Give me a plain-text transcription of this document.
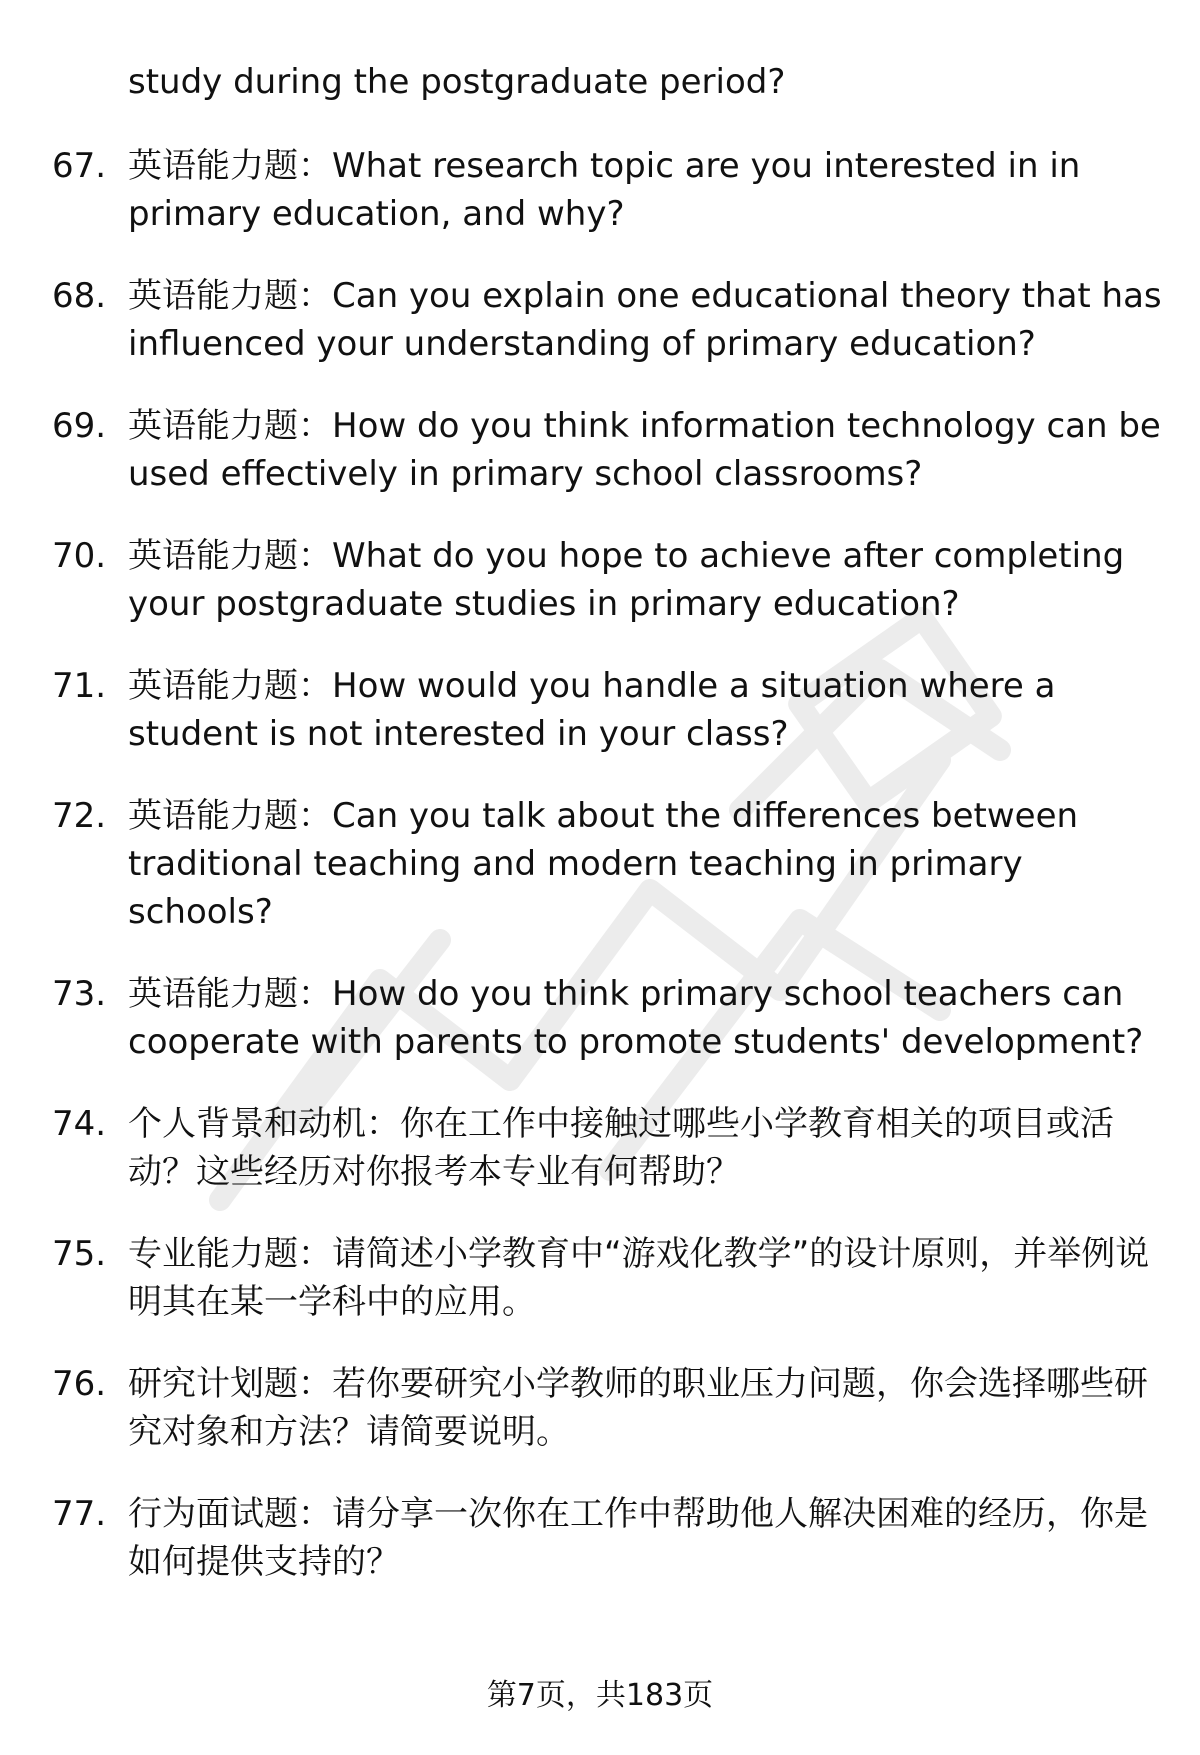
study during the postgraduate period?

67. 英语能力题：What research topic are you interested in in primary education, and why?
68. 英语能力题：Can you explain one educational theory that has influenced your understanding of primary education?
69. 英语能力题：How do you think information technology can be used effectively in primary school classrooms?
70. 英语能力题：What do you hope to achieve after completing your postgraduate studies in primary education?
71. 英语能力题：How would you handle a situation where a student is not interested in your class?
72. 英语能力题：Can you talk about the differences between traditional teaching and modern teaching in primary schools?
73. 英语能力题：How do you think primary school teachers can cooperate with parents to promote students' development?
74. 个人背景和动机：你在工作中接触过哪些小学教育相关的项目或活动？这些经历对你报考本专业有何帮助？
75. 专业能力题：请简述小学教育中“游戏化教学”的设计原则，并举例说明其在某一学科中的应用。
76. 研究计划题：若你要研究小学教师的职业压力问题，你会选择哪些研究对象和方法？请简要说明。
77. 行为面试题：请分享一次你在工作中帮助他人解决困难的经历，你是如何提供支持的？
第7页，共183页
